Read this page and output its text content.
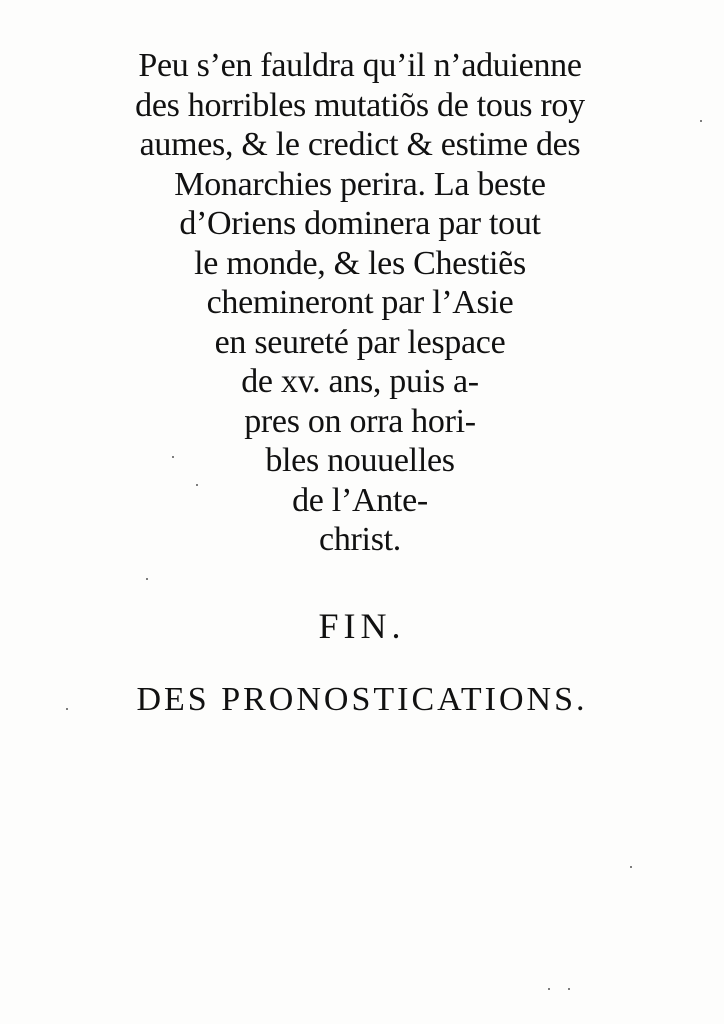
Peu s’en fauldra qu’il n’aduienne
des horribles mutatiõs de tous roy
aumes, & le credict & estime des
Monarchies perira. La beste
d’Oriens dominera par tout
le monde, & les Chestiẽs
chemineront par l’Asie
en seureté par lespace
de xv. ans, puis a-
pres on orra hori-
bles nouuelles
de l’Ante-
christ.
FIN.
DES PRONOSTICATIONS.
